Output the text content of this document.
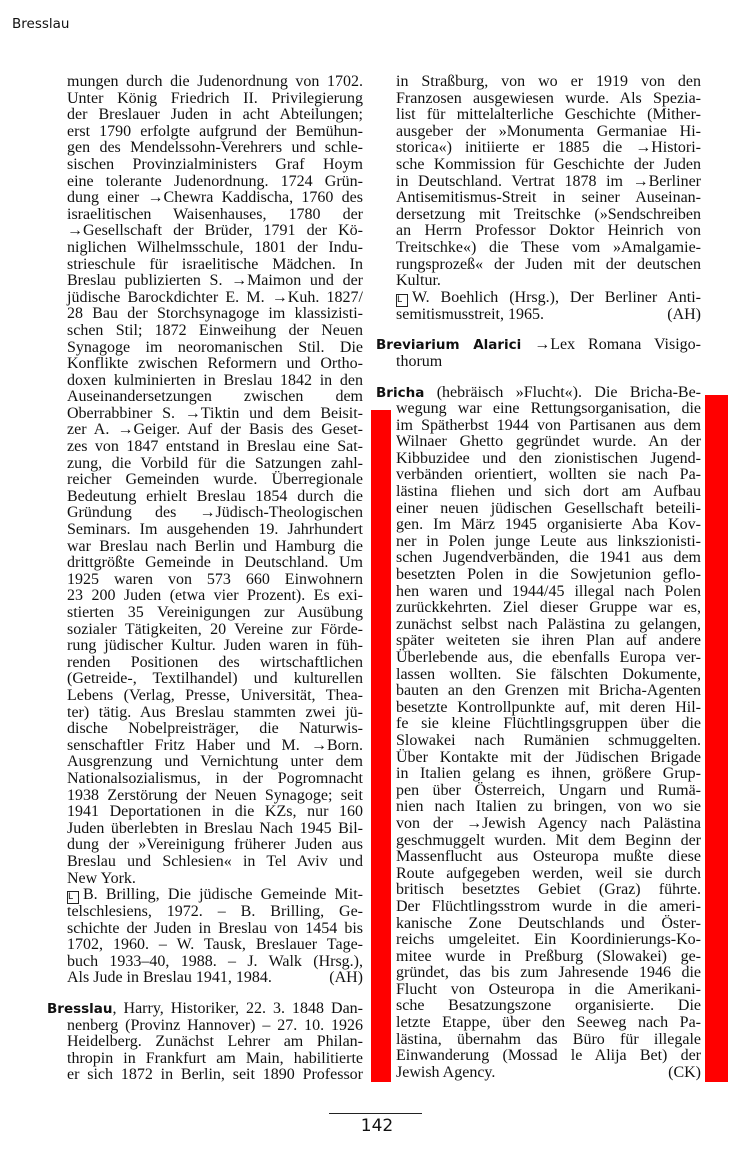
Bresslau
mungen durch die Judenordnung von 1702.
Unter König Friedrich II. Privilegierung
der Breslauer Juden in acht Abteilungen;
erst 1790 erfolgte aufgrund der Bemühun-
gen des Mendelssohn-Verehrers und schle-
sischen Provinzialministers Graf Hoym
eine tolerante Judenordnung. 1724 Grün-
dung einer →Chewra Kaddischa, 1760 des
israelitischen Waisenhauses, 1780 der
→Gesellschaft der Brüder, 1791 der Kö-
niglichen Wilhelmsschule, 1801 der Indu-
strieschule für israelitische Mädchen. In
Breslau publizierten S. →Maimon und der
jüdische Barockdichter E. M. →Kuh. 1827/
28 Bau der Storchsynagoge im klassizisti-
schen Stil; 1872 Einweihung der Neuen
Synagoge im neoromanischen Stil. Die
Konflikte zwischen Reformern und Ortho-
doxen kulminierten in Breslau 1842 in den
Auseinandersetzungen zwischen dem
Oberrabbiner S. →Tiktin und dem Beisit-
zer A. →Geiger. Auf der Basis des Geset-
zes von 1847 entstand in Breslau eine Sat-
zung, die Vorbild für die Satzungen zahl-
reicher Gemeinden wurde. Überregionale
Bedeutung erhielt Breslau 1854 durch die
Gründung des →Jüdisch-Theologischen
Seminars. Im ausgehenden 19. Jahrhundert
war Breslau nach Berlin und Hamburg die
drittgrößte Gemeinde in Deutschland. Um
1925 waren von 573 660 Einwohnern
23 200 Juden (etwa vier Prozent). Es exi-
stierten 35 Vereinigungen zur Ausübung
sozialer Tätigkeiten, 20 Vereine zur Förde-
rung jüdischer Kultur. Juden waren in füh-
renden Positionen des wirtschaftlichen
(Getreide-, Textilhandel) und kulturellen
Lebens (Verlag, Presse, Universität, Thea-
ter) tätig. Aus Breslau stammten zwei jü-
dische Nobelpreisträger, die Naturwis-
senschaftler Fritz Haber und M. →Born.
Ausgrenzung und Vernichtung unter dem
Nationalsozialismus, in der Pogromnacht
1938 Zerstörung der Neuen Synagoge; seit
1941 Deportationen in die KZs, nur 160
Juden überlebten in Breslau Nach 1945 Bil-
dung der »Vereinigung früherer Juden aus
Breslau und Schlesien« in Tel Aviv und
New York.
L B. Brilling, Die jüdische Gemeinde Mit-
telschlesiens, 1972. – B. Brilling, Ge-
schichte der Juden in Breslau von 1454 bis
1702, 1960. – W. Tausk, Breslauer Tage-
buch 1933–40, 1988. – J. Walk (Hrsg.),
Als Jude in Breslau 1941, 1984.	(AH)
Bresslau, Harry, Historiker, 22. 3. 1848 Dan-
nenberg (Provinz Hannover) – 27. 10. 1926
Heidelberg. Zunächst Lehrer am Philan-
thropin in Frankfurt am Main, habilitierte
er sich 1872 in Berlin, seit 1890 Professor
in Straßburg, von wo er 1919 von den
Franzosen ausgewiesen wurde. Als Spezia-
list für mittelalterliche Geschichte (Mither-
ausgeber der »Monumenta Germaniae Hi-
storica«) initiierte er 1885 die →Histori-
sche Kommission für Geschichte der Juden
in Deutschland. Vertrat 1878 im →Berliner
Antisemitismus-Streit in seiner Auseinan-
dersetzung mit Treitschke (»Sendschreiben
an Herrn Professor Doktor Heinrich von
Treitschke«) die These vom »Amalgamie-
rungsprozeß« der Juden mit der deutschen
Kultur.
L W. Boehlich (Hrsg.), Der Berliner Anti-
semitismusstreit, 1965.	(AH)
Breviarium Alarici →Lex Romana Visigo-
thorum
Bricha (hebräisch »Flucht«). Die Bricha-Be-
wegung war eine Rettungsorganisation, die
im Spätherbst 1944 von Partisanen aus dem
Wilnaer Ghetto gegründet wurde. An der
Kibbuzidee und den zionistischen Jugend-
verbänden orientiert, wollten sie nach Pa-
lästina fliehen und sich dort am Aufbau
einer neuen jüdischen Gesellschaft beteili-
gen. Im März 1945 organisierte Aba Kov-
ner in Polen junge Leute aus linkszionisti-
schen Jugendverbänden, die 1941 aus dem
besetzten Polen in die Sowjetunion geflo-
hen waren und 1944/45 illegal nach Polen
zurückkehrten. Ziel dieser Gruppe war es,
zunächst selbst nach Palästina zu gelangen,
später weiteten sie ihren Plan auf andere
Überlebende aus, die ebenfalls Europa ver-
lassen wollten. Sie fälschten Dokumente,
bauten an den Grenzen mit Bricha-Agenten
besetzte Kontrollpunkte auf, mit deren Hil-
fe sie kleine Flüchtlingsgruppen über die
Slowakei nach Rumänien schmuggelten.
Über Kontakte mit der Jüdischen Brigade
in Italien gelang es ihnen, größere Grup-
pen über Österreich, Ungarn und Rumä-
nien nach Italien zu bringen, von wo sie
von der →Jewish Agency nach Palästina
geschmuggelt wurden. Mit dem Beginn der
Massenflucht aus Osteuropa mußte diese
Route aufgegeben werden, weil sie durch
britisch besetztes Gebiet (Graz) führte.
Der Flüchtlingsstrom wurde in die ameri-
kanische Zone Deutschlands und Öster-
reichs umgeleitet. Ein Koordinierungs-Ko-
mitee wurde in Preßburg (Slowakei) ge-
gründet, das bis zum Jahresende 1946 die
Flucht von Osteuropa in die Amerikani-
sche Besatzungszone organisierte. Die
letzte Etappe, über den Seeweg nach Pa-
lästina, übernahm das Büro für illegale
Einwanderung (Mossad le Alija Bet) der
Jewish Agency.	(CK)
142
